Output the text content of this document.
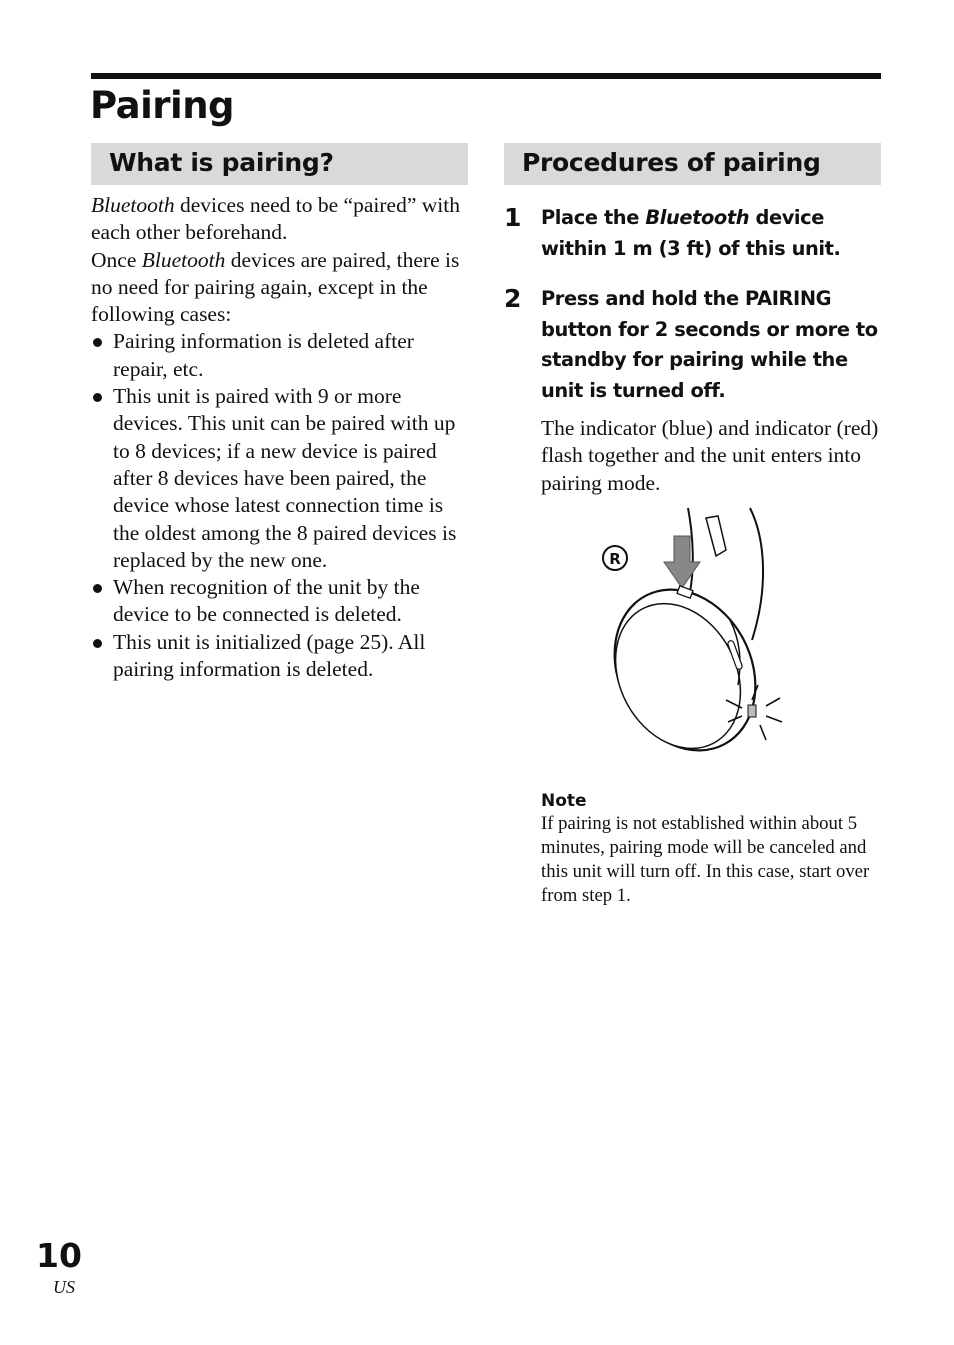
Pairing
What is pairing?	Procedures of pairing

Bluetooth devices need to be “paired” with each other beforehand.

Once Bluetooth devices are paired, there is no need for pairing again, except in the following cases:

Pairing information is deleted after repair, etc.
This unit is paired with 9 or more devices. This unit can be paired with up to 8 devices; if a new device is paired after 8 devices have been paired, the device whose latest connection time is the oldest among the 8 paired devices is replaced by the new one.
When recognition of the unit by the device to be connected is deleted.
This unit is initialized (page 25). All pairing information is deleted.
1	Place the Bluetooth device within 1 m (3 ft) of this unit.
2	Press and hold the PAIRING button for 2 seconds or more to standby for pairing while the unit is turned off.

The indicator (blue) and indicator (red) flash together and the unit enters into pairing mode.

R

Note

If pairing is not established within about 5 minutes, pairing mode will be canceled and this unit will turn off. In this case, start over from step 1.

10
US
